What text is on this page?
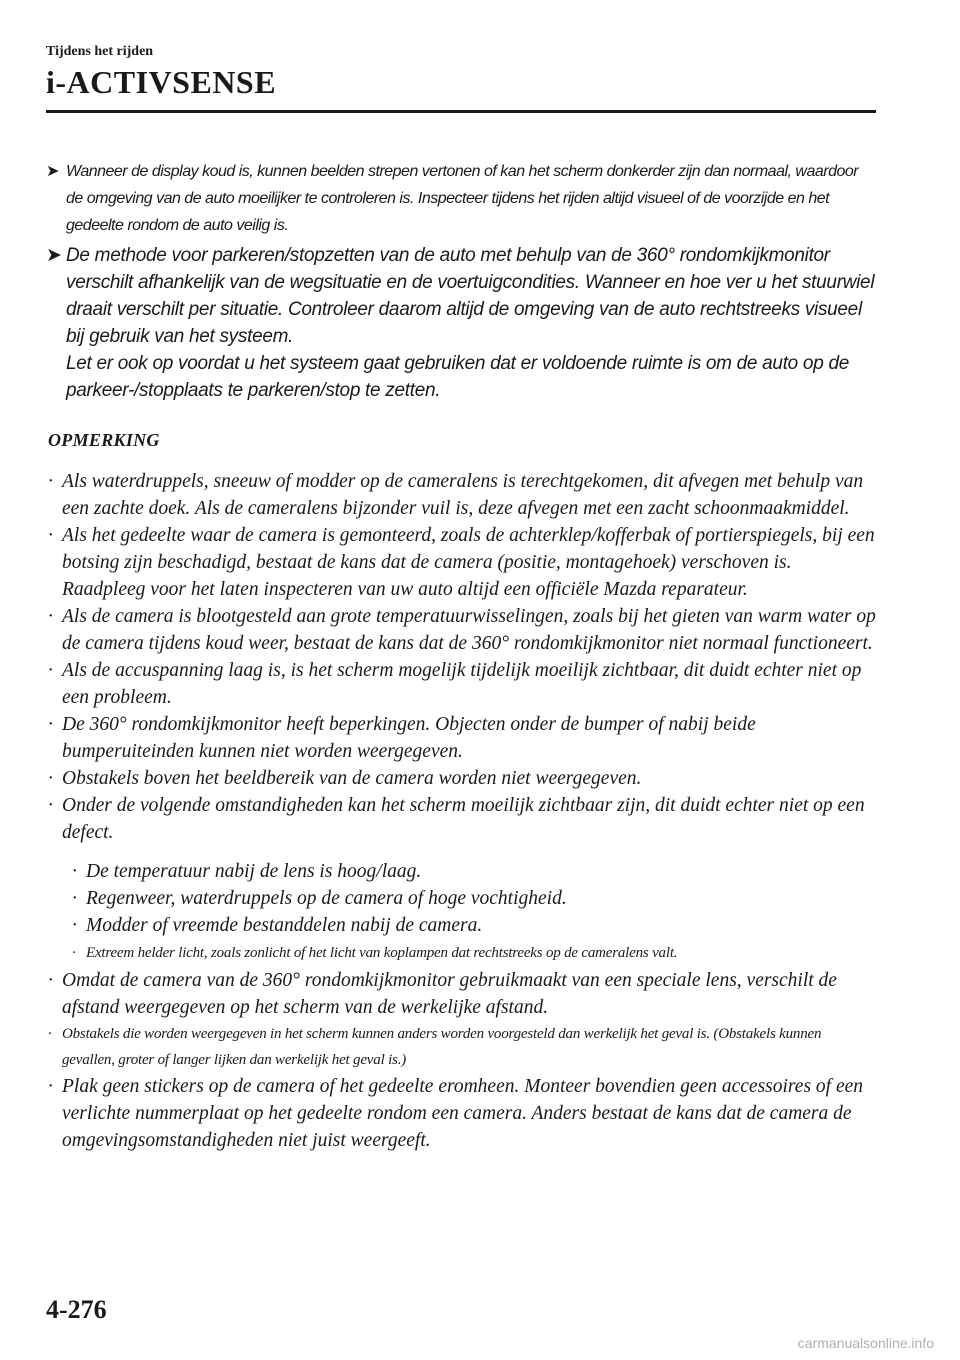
Tijdens het rijden
i-ACTIVSENSE
➤ Wanneer de display koud is, kunnen beelden strepen vertonen of kan het scherm donkerder zijn dan normaal, waardoor de omgeving van de auto moeilijker te controleren is. Inspecteer tijdens het rijden altijd visueel of de voorzijde en het gedeelte rondom de auto veilig is.
➤ De methode voor parkeren/stopzetten van de auto met behulp van de 360° rondomkijkmonitor verschilt afhankelijk van de wegsituatie en de voertuigcondities. Wanneer en hoe ver u het stuurwiel draait verschilt per situatie. Controleer daarom altijd de omgeving van de auto rechtstreeks visueel bij gebruik van het systeem.

Let er ook op voordat u het systeem gaat gebruiken dat er voldoende ruimte is om de auto op de parkeer-/stopplaats te parkeren/stop te zetten.

OPMERKING
· Als waterdruppels, sneeuw of modder op de cameralens is terechtgekomen, dit afvegen met behulp van een zachte doek. Als de cameralens bijzonder vuil is, deze afvegen met een zacht schoonmaakmiddel.
· Als het gedeelte waar de camera is gemonteerd, zoals de achterklep/kofferbak of portierspiegels, bij een botsing zijn beschadigd, bestaat de kans dat de camera (positie, montagehoek) verschoven is. Raadpleeg voor het laten inspecteren van uw auto altijd een officiële Mazda reparateur.
· Als de camera is blootgesteld aan grote temperatuurwisselingen, zoals bij het gieten van warm water op de camera tijdens koud weer, bestaat de kans dat de 360° rondomkijkmonitor niet normaal functioneert.
· Als de accuspanning laag is, is het scherm mogelijk tijdelijk moeilijk zichtbaar, dit duidt echter niet op een probleem.
· De 360° rondomkijkmonitor heeft beperkingen. Objecten onder de bumper of nabij beide bumperuiteinden kunnen niet worden weergegeven.
· Obstakels boven het beeldbereik van de camera worden niet weergegeven.
· Onder de volgende omstandigheden kan het scherm moeilijk zichtbaar zijn, dit duidt echter niet op een defect.
· De temperatuur nabij de lens is hoog/laag.
· Regenweer, waterdruppels op de camera of hoge vochtigheid.
· Modder of vreemde bestanddelen nabij de camera.
· Extreem helder licht, zoals zonlicht of het licht van koplampen dat rechtstreeks op de cameralens valt.
· Omdat de camera van de 360° rondomkijkmonitor gebruikmaakt van een speciale lens, verschilt de afstand weergegeven op het scherm van de werkelijke afstand.
· Obstakels die worden weergegeven in het scherm kunnen anders worden voorgesteld dan werkelijk het geval is. (Obstakels kunnen gevallen, groter of langer lijken dan werkelijk het geval is.)
· Plak geen stickers op de camera of het gedeelte eromheen. Monteer bovendien geen accessoires of een verlichte nummerplaat op het gedeelte rondom een camera. Anders bestaat de kans dat de camera de omgevingsomstandigheden niet juist weergeeft.
4-276
carmanualsonline.info
